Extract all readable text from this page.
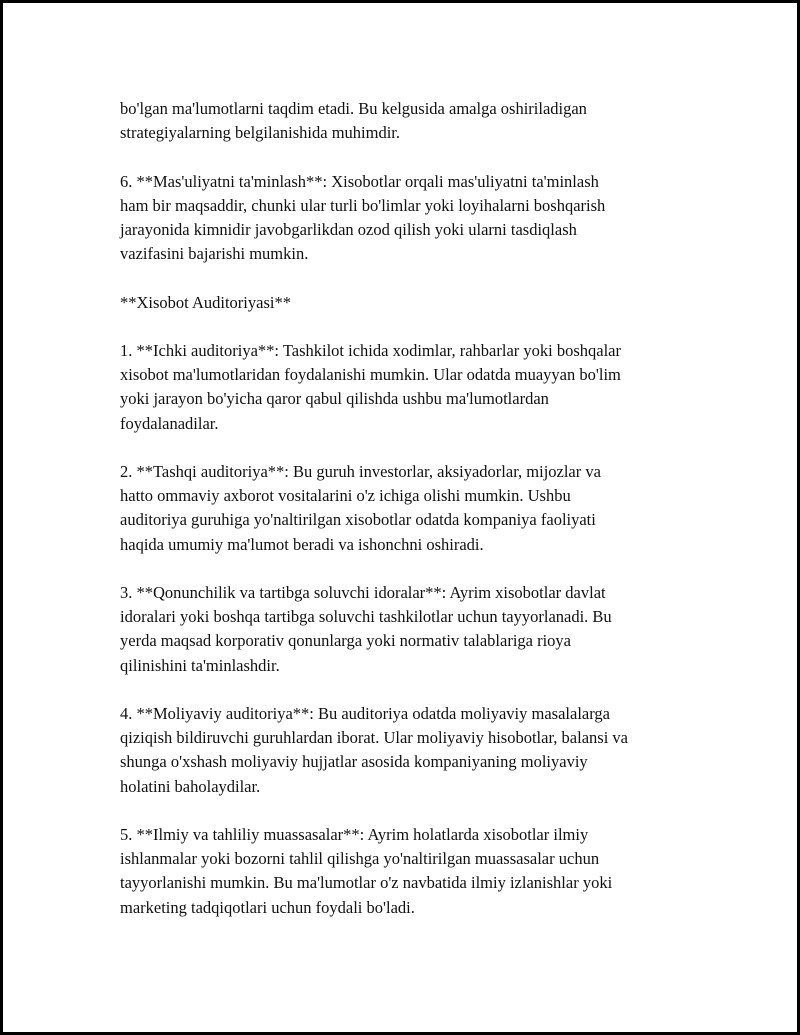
bo'lgan ma'lumotlarni taqdim etadi. Bu kelgusida amalga oshiriladigan
strategiyalarning belgilanishida muhimdir.

6. **Mas'uliyatni ta'minlash**: Xisobotlar orqali mas'uliyatni ta'minlash
ham bir maqsaddir, chunki ular turli bo'limlar yoki loyihalarni boshqarish
jarayonida kimnidir javobgarlikdan ozod qilish yoki ularni tasdiqlash
vazifasini bajarishi mumkin.

**Xisobot Auditoriyasi**

1. **Ichki auditoriya**: Tashkilot ichida xodimlar, rahbarlar yoki boshqalar
xisobot ma'lumotlaridan foydalanishi mumkin. Ular odatda muayyan bo'lim
yoki jarayon bo'yicha qaror qabul qilishda ushbu ma'lumotlardan
foydalanadilar.

2. **Tashqi auditoriya**: Bu guruh investorlar, aksiyadorlar, mijozlar va
hatto ommaviy axborot vositalarini o'z ichiga olishi mumkin. Ushbu
auditoriya guruhiga yo'naltirilgan xisobotlar odatda kompaniya faoliyati
haqida umumiy ma'lumot beradi va ishonchni oshiradi.

3. **Qonunchilik va tartibga soluvchi idoralar**: Ayrim xisobotlar davlat
idoralari yoki boshqa tartibga soluvchi tashkilotlar uchun tayyorlanadi. Bu
yerda maqsad korporativ qonunlarga yoki normativ talablariga rioya
qilinishini ta'minlashdir.

4. **Moliyaviy auditoriya**: Bu auditoriya odatda moliyaviy masalalarga
qiziqish bildiruvchi guruhlardan iborat. Ular moliyaviy hisobotlar, balansi va
shunga o'xshash moliyaviy hujjatlar asosida kompaniyaning moliyaviy
holatini baholaydilar.

5. **Ilmiy va tahliliy muassasalar**: Ayrim holatlarda xisobotlar ilmiy
ishlanmalar yoki bozorni tahlil qilishga yo'naltirilgan muassasalar uchun
tayyorlanishi mumkin. Bu ma'lumotlar o'z navbatida ilmiy izlanishlar yoki
marketing tadqiqotlari uchun foydali bo'ladi.
